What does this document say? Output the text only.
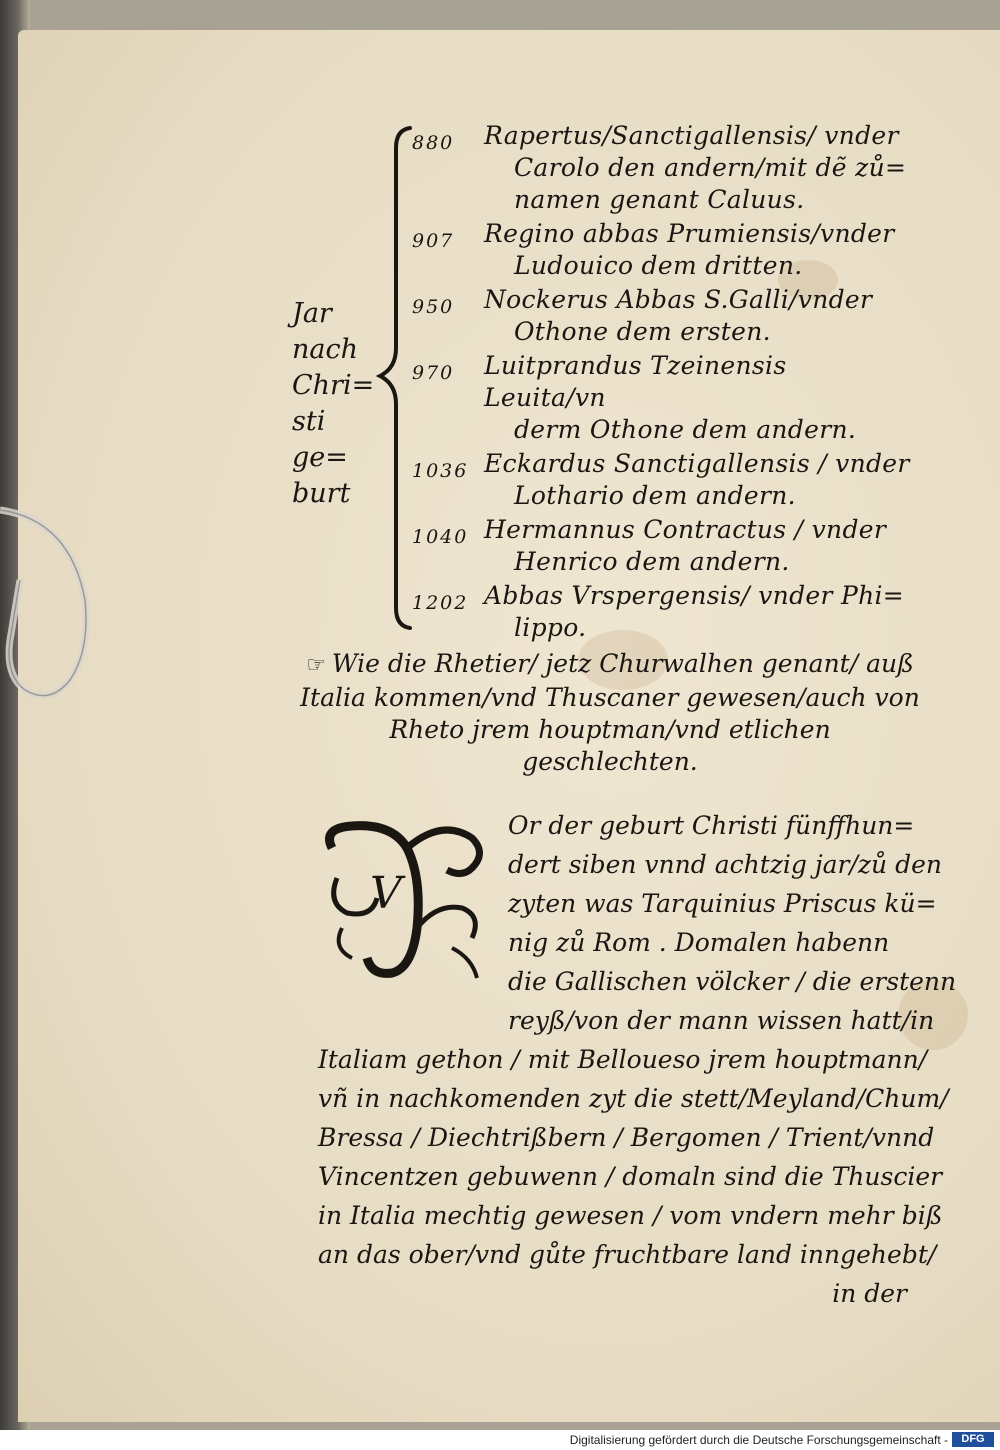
Jar
nach
Chri=
sti ge=
burt
880	Rapertus/Sanctigallensis/ vnder
Carolo den andern/mit dẽ zů=
namen genant Caluus.
907	Regino abbas Prumiensis/vnder
Ludouico dem dritten.
950	Nockerus Abbas S.Galli/vnder
Othone dem ersten.
970	Luitprandus Tzeinensis Leuita/vn
derm Othone dem andern.
1036 Eckardus Sanctigallensis / vnder
Lothario dem andern.
1040 Hermannus Contractus / vnder
Henrico dem andern.
1202 Abbas Vrspergensis/ vnder Phi=
lippo.
☞ Wie die Rhetier/ jetz Churwalhen genant/ auß
Italia kommen/vnd Thuscaner gewesen/auch von
Rheto jrem houptman/vnd etlichen
geschlechten.
V
Or der geburt Christi fünffhun=
dert siben vnnd achtzig jar/zů den
zyten was Tarquinius Priscus kü=
nig zů Rom . Domalen habenn
die Gallischen völcker / die erstenn
reyß/von der mann wissen hatt/in
Italiam gethon / mit Belloueso jrem houptmann/
vñ in nachkomenden zyt die stett/Meyland/Chum/
Bressa / Diechtrißbern / Bergomen / Trient/vnnd
Vincentzen gebuwenn / domaln sind die Thuscier
in Italia mechtig gewesen / vom vndern mehr biß
an das ober/vnd gůte fruchtbare land inngehebt/
in der
Digitalisierung gefördert durch die Deutsche Forschungsgemeinschaft -	DFG
